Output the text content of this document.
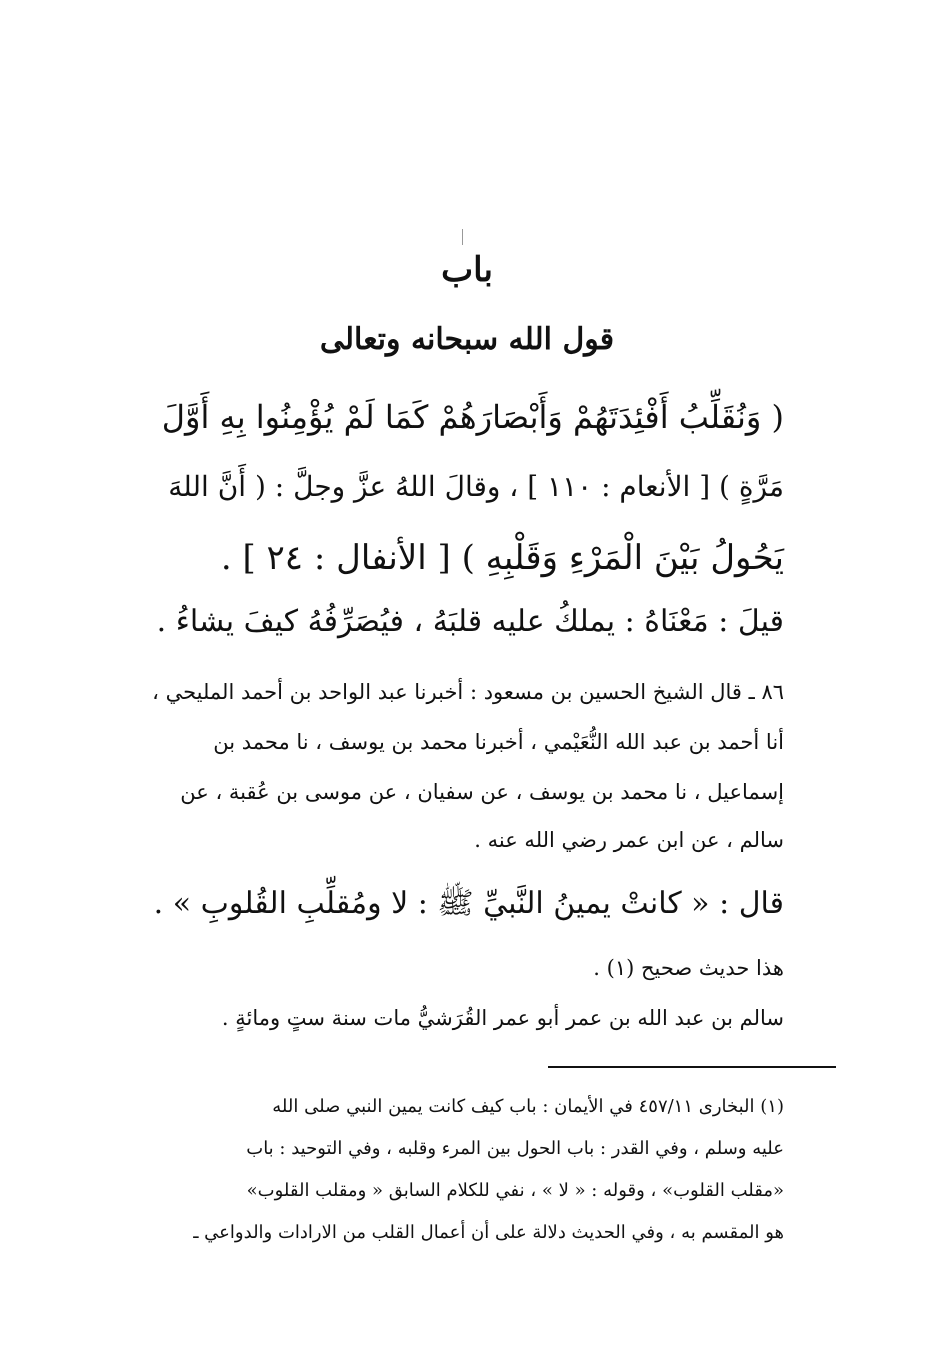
باب
قول الله سبحانه وتعالى
( وَنُقَلِّبُ أَفْئِدَتَهُمْ وَأَبْصَارَهُمْ كَمَا لَمْ يُؤْمِنُوا بِهِ أَوَّلَ
مَرَّةٍ ) [ الأنعام : ١١٠ ] ، وقالَ اللهُ عزَّ وجلَّ : ( أَنَّ اللهَ
يَحُولُ بَيْنَ الْمَرْءِ وَقَلْبِهِ ) [ الأنفال : ٢٤ ] .
قيلَ : مَعْنَاهُ : يملكُ عليه قلبَهُ ، فيُصَرِّفُهُ كيفَ يشاءُ .
٨٦ ـ قال الشيخ الحسين بن مسعود : أخبرنا عبد الواحد بن أحمد المليحي ،
أنا أحمد بن عبد الله النُّعَيْمي ، أخبرنا محمد بن يوسف ، نا محمد بن
إسماعيل ، نا محمد بن يوسف ، عن سفيان ، عن موسى بن عُقبة ، عن
سالم ، عن ابن عمر رضي الله عنه .
قال : « كانتْ يمينُ النَّبيِّ ﷺ : لا ومُقلِّبِ القُلوبِ » .
هذا حديث صحيح (١) .
سالم بن عبد الله بن عمر أبو عمر القُرَشيُّ مات سنة ستٍ ومائةٍ .
(١) البخارى ٤٥٧/١١ في الأيمان : باب كيف كانت يمين النبي صلى الله
عليه وسلم ، وفي القدر : باب الحول بين المرء وقلبه ، وفي التوحيد : باب
«مقلب القلوب» ، وقوله : « لا » ، نفي للكلام السابق « ومقلب القلوب»
هو المقسم به ، وفي الحديث دلالة على أن أعمال القلب من الارادات والدواعي ـ
